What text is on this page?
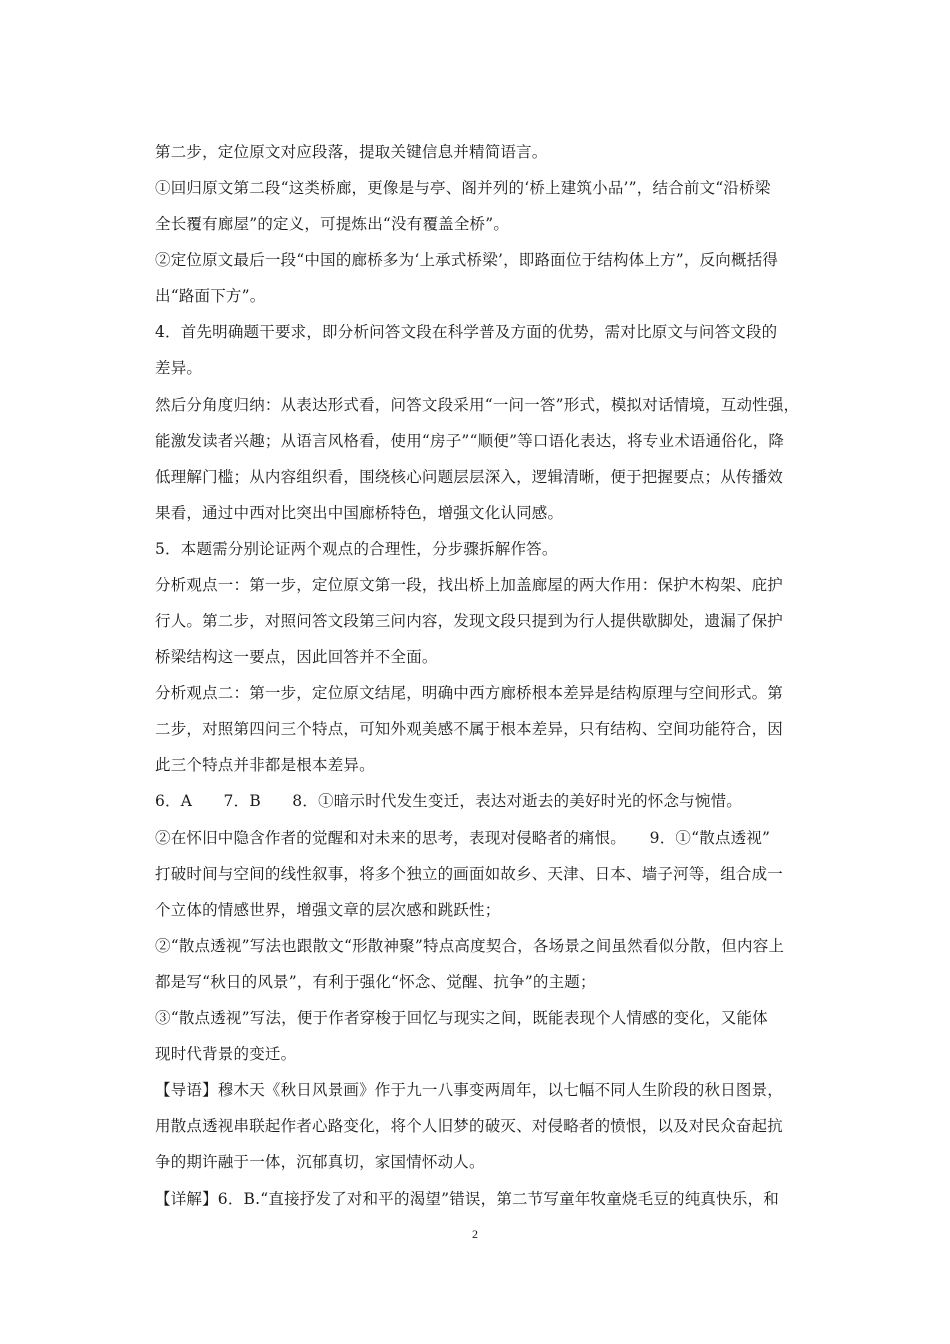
第二步，定位原文对应段落，提取关键信息并精简语言。
①回归原文第二段“这类桥廊，更像是与亭、阁并列的‘桥上建筑小品’”，结合前文“沿桥梁
全长覆有廊屋”的定义，可提炼出“没有覆盖全桥”。
②定位原文最后一段“中国的廊桥多为‘上承式桥梁’，即路面位于结构体上方”，反向概括得
出“路面下方”。
4．首先明确题干要求，即分析问答文段在科学普及方面的优势，需对比原文与问答文段的
差异。
然后分角度归纳：从表达形式看，问答文段采用“一问一答”形式，模拟对话情境，互动性强，
能激发读者兴趣；从语言风格看，使用“房子”“顺便”等口语化表达，将专业术语通俗化，降
低理解门槛；从内容组织看，围绕核心问题层层深入，逻辑清晰，便于把握要点；从传播效
果看，通过中西对比突出中国廊桥特色，增强文化认同感。
5．本题需分别论证两个观点的合理性，分步骤拆解作答。
分析观点一：第一步，定位原文第一段，找出桥上加盖廊屋的两大作用：保护木构架、庇护
行人。第二步，对照问答文段第三问内容，发现文段只提到为行人提供歇脚处，遗漏了保护
桥梁结构这一要点，因此回答并不全面。
分析观点二：第一步，定位原文结尾，明确中西方廊桥根本差异是结构原理与空间形式。第
二步，对照第四问三个特点，可知外观美感不属于根本差异，只有结构、空间功能符合，因
此三个特点并非都是根本差异。
6．A　　7．B　　8．①暗示时代发生变迁，表达对逝去的美好时光的怀念与惋惜。
②在怀旧中隐含作者的觉醒和对未来的思考，表现对侵略者的痛恨。　　9．①“散点透视”
打破时间与空间的线性叙事，将多个独立的画面如故乡、天津、日本、墙子河等，组合成一
个立体的情感世界，增强文章的层次感和跳跃性；
②“散点透视”写法也跟散文“形散神聚”特点高度契合，各场景之间虽然看似分散，但内容上
都是写“秋日的风景”，有利于强化“怀念、觉醒、抗争”的主题；
③“散点透视”写法，便于作者穿梭于回忆与现实之间，既能表现个人情感的变化，又能体
现时代背景的变迁。
【导语】穆木天《秋日风景画》作于九一八事变两周年，以七幅不同人生阶段的秋日图景，
用散点透视串联起作者心路变化，将个人旧梦的破灭、对侵略者的愤恨，以及对民众奋起抗
争的期许融于一体，沉郁真切，家国情怀动人。
【详解】6．B.“直接抒发了对和平的渴望”错误，第二节写童年牧童烧毛豆的纯真快乐，和
2
